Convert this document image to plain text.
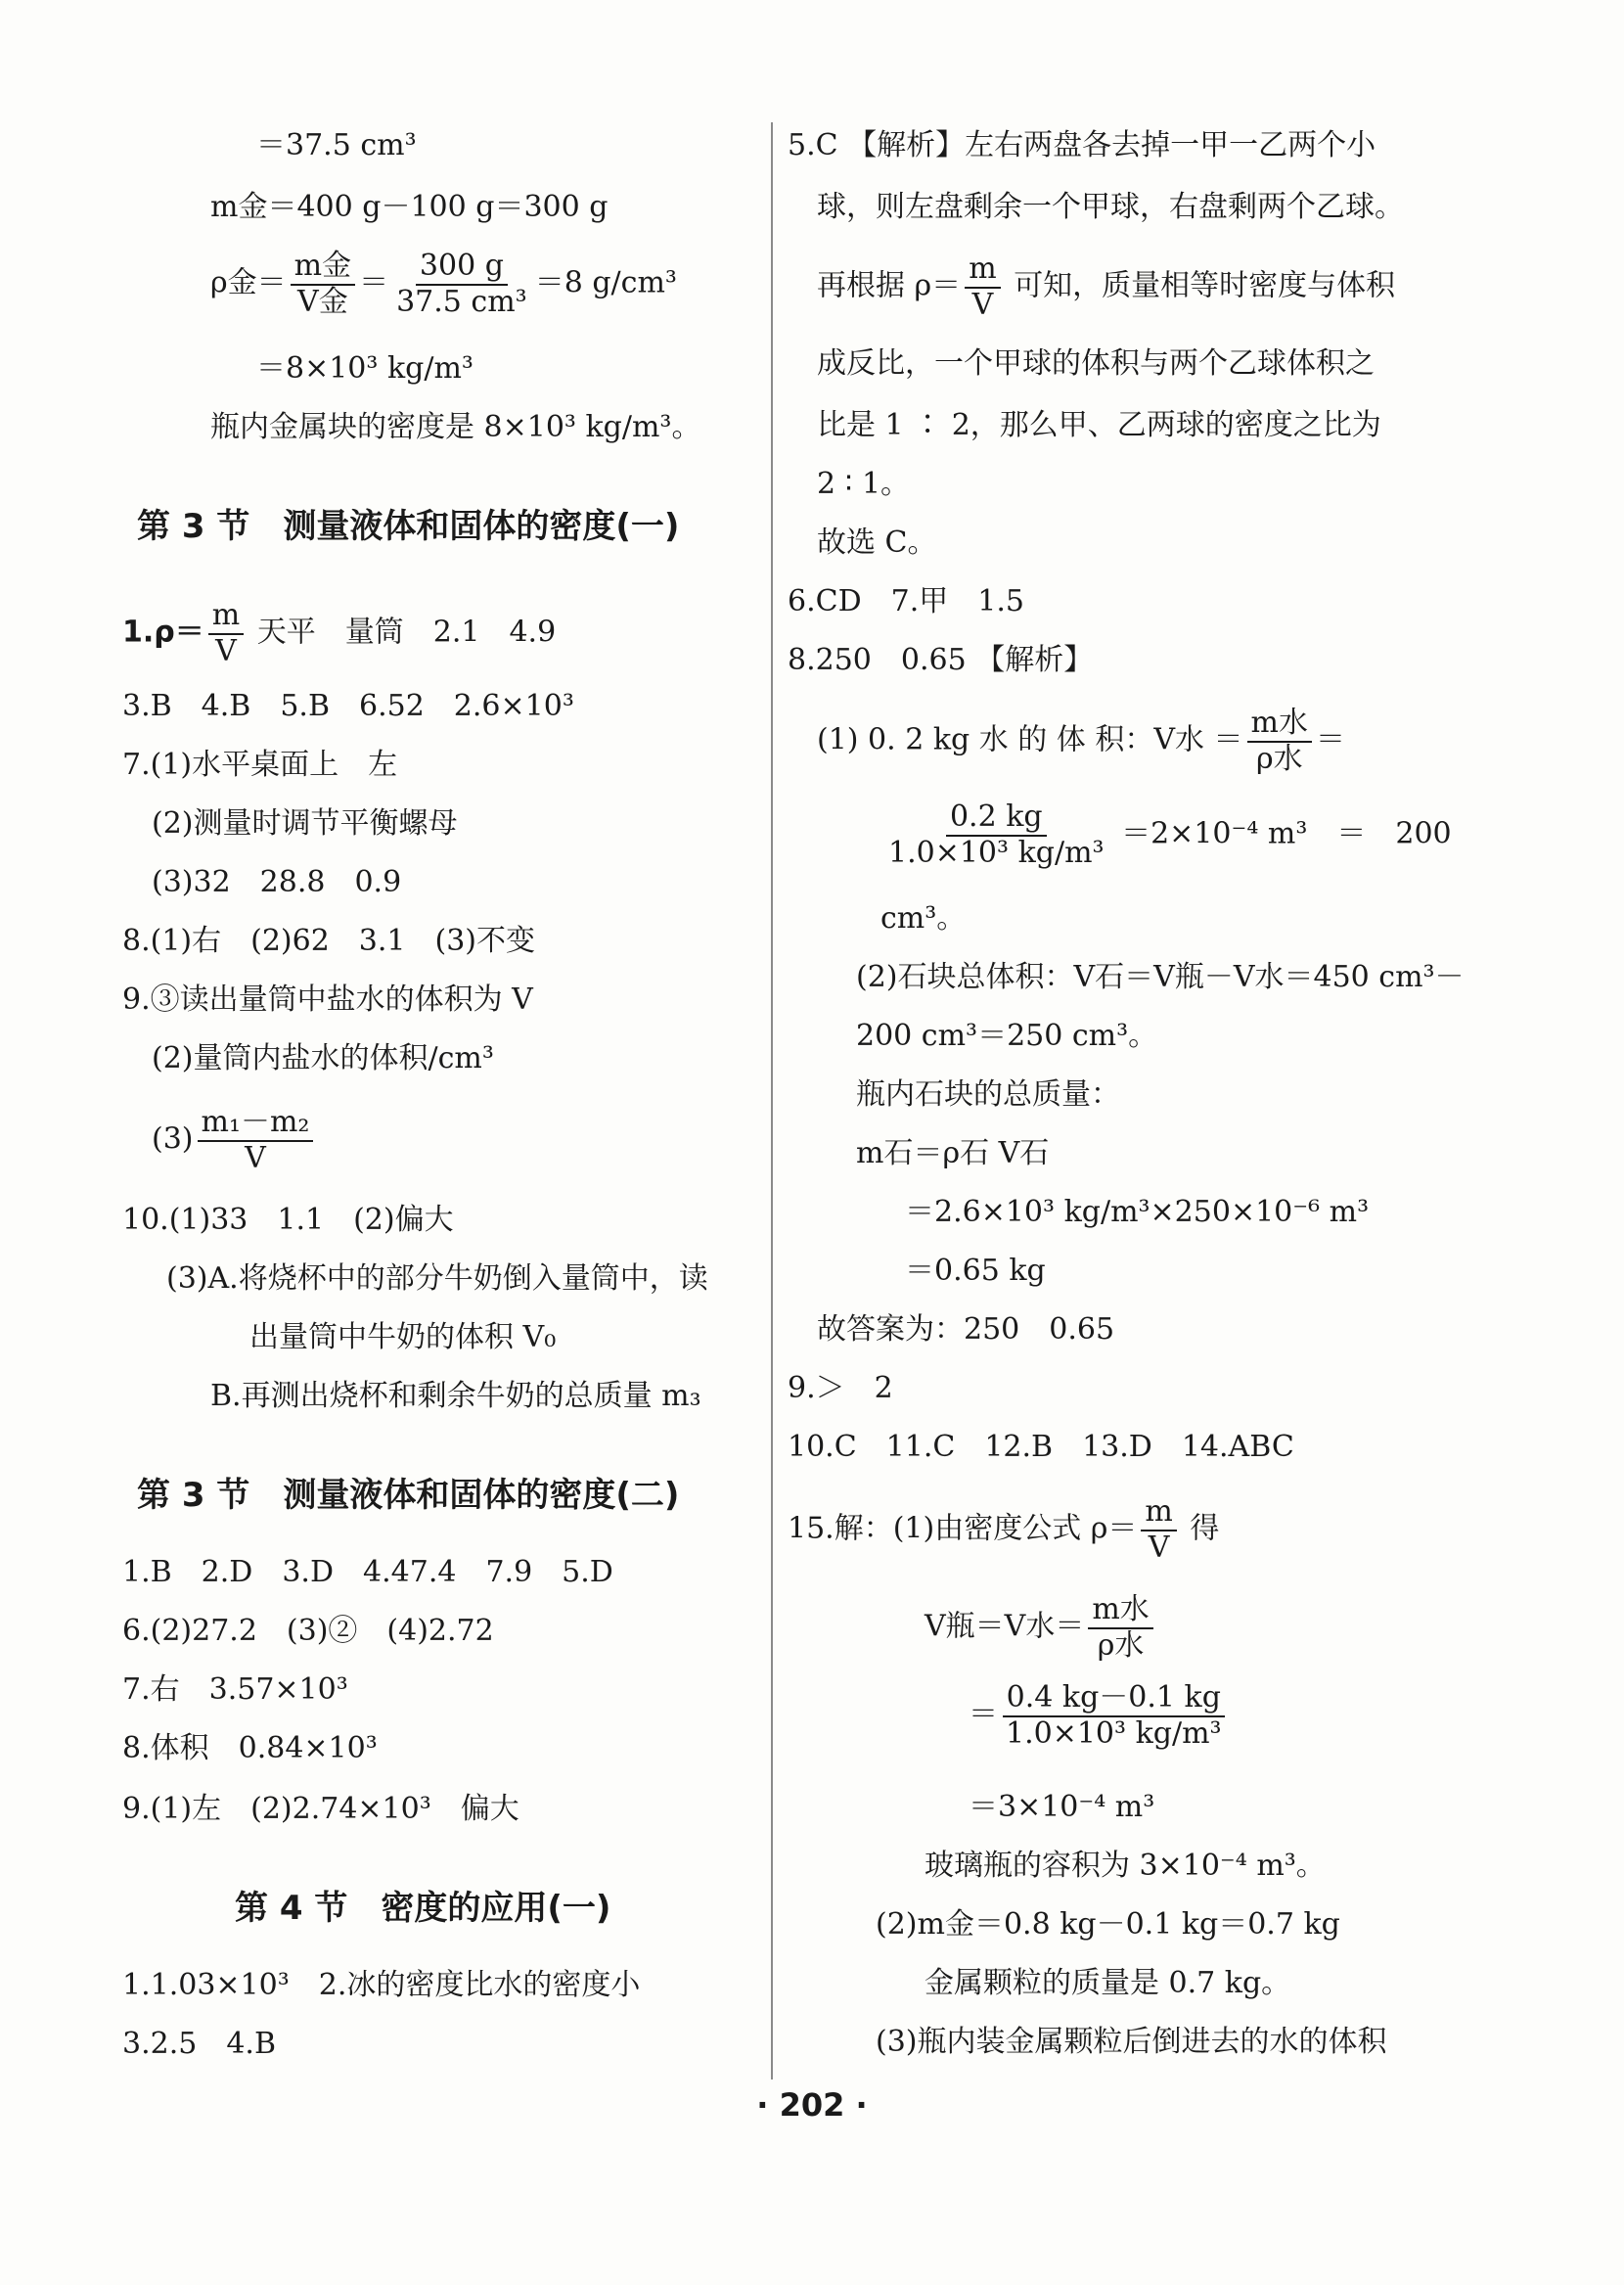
＝37.5 cm³
m金＝400 g－100 g＝300 g
ρ金＝ $\frac{\text{m金}}{\text{V金}} = \frac{300 g}{\text{37.5 cm³}} =8$ g/cm³
＝8×10³ kg/m³
瓶内金属块的密度是 8×10³ kg/m³。
第 3 节　测量液体和固体的密度(一)
$1.\rho= \frac{m}{V}$ 天平　量筒　2.1　4.9
3.B　4.B　5.B　6.52　2.6×10³
7.(1)水平桌面上　左
(2)测量时调节平衡螺母
(3)32　28.8　0.9
8.(1)右　(2)62　3.1　(3)不变
9.③读出量筒中盐水的体积为 V
(2)量筒内盐水的体积/cm³
$(3) \frac{\text{m₁－m₂}}{V}$
10.(1)33　1.1　(2)偏大
(3)A.将烧杯中的部分牛奶倒入量筒中，读
出量筒中牛奶的体积 V₀
B.再测出烧杯和剩余牛奶的总质量 m₃
第 3 节　测量液体和固体的密度(二)
1.B　2.D　3.D　4.47.4　7.9　5.D
6.(2)27.2　(3)②　(4)2.72
7.右　3.57×10³
8.体积　0.84×10³
9.(1)左　(2)2.74×10³　偏大
第 4 节　密度的应用(一)
1.1.03×10³　2.冰的密度比水的密度小
3.2.5　4.B
5.C 【解析】左右两盘各去掉一甲一乙两个小
球，则左盘剩余一个甲球，右盘剩两个乙球。
再根据 $\rho= \frac{m}{V}$ 可知，质量相等时密度与体积
成反比，一个甲球的体积与两个乙球体积之
比是 1 ∶ 2，那么甲、乙两球的密度之比为
2 ∶ 1。
故选 C。
6.CD　7.甲　1.5
8.250　0.65 【解析】
(1) 0. 2 kg 水 的 体 积：V水 ＝ $\frac{\text{m水}}{\text{ρ水}}$ ＝
$\frac{0.2 kg}{\text{1.0×10³ kg/m³}} =2\times 10^{-4}$ m³　＝　200
cm³。
(2)石块总体积：V石＝V瓶－V水＝450 cm³－
200 cm³＝250 cm³。
瓶内石块的总质量：
m石＝ρ石 V石
＝2.6×10³ kg/m³×250×10⁻⁶ m³
＝0.65 kg
故答案为：250　0.65
9.＞　2
10.C　11.C　12.B　13.D　14.ABC
15.解：(1)由密度公式 $\rho= \frac{m}{V}$ 得
V瓶＝V水＝ $\frac{\text{m水}}{\text{ρ水}}$
＝ $\frac{0.4 kg-0.1 kg}{\text{1.0×10³ kg/m³}}$
＝3×10⁻⁴ m³
玻璃瓶的容积为 3×10⁻⁴ m³。
(2)m金＝0.8 kg－0.1 kg＝0.7 kg
金属颗粒的质量是 0.7 kg。
(3)瓶内装金属颗粒后倒进去的水的体积
· 202 ·
